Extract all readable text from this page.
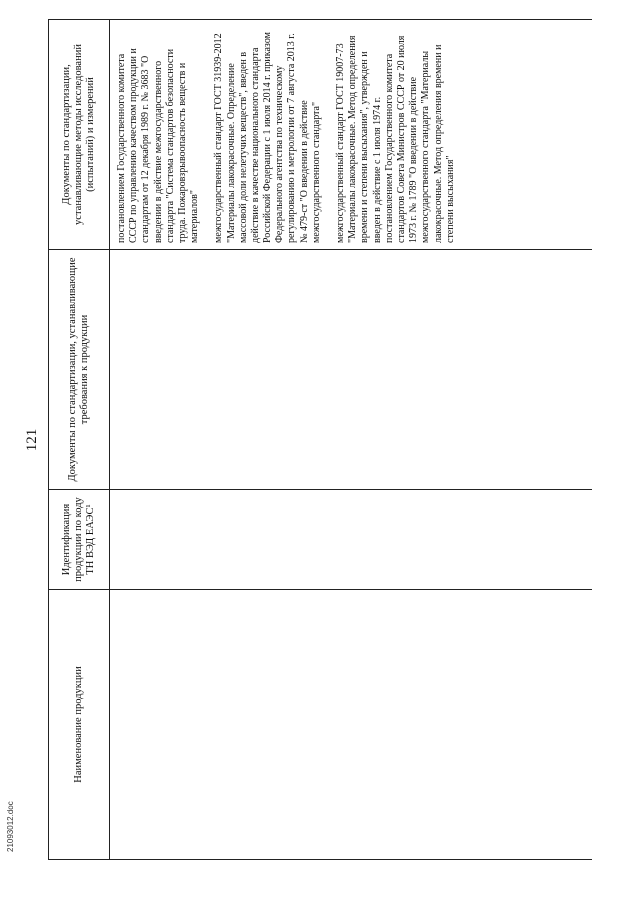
121
Наименование продукции	Идентификация продукции по коду ТН ВЭД ЕАЭС¹	Документы по стандартизации, устанавливающие требования к продукции	Документы по стандартизации, устанавливающие методы исследований (испытаний) и измерений

			постановлением Государственного комитета СССР по управлению качеством продукции и стандартам от 12 декабря 1989 г. № 3683 "О введении в действие межгосударственного стандарта "Система стандартов безопасности труда. Пожаровзрывоопасность веществ и материалов" межгосударственный стандарт ГОСТ 31939-2012 "Материалы лакокрасочные. Определение массовой доли нелетучих веществ", введен в действие в качестве национального стандарта Российской Федерации с 1 июля 2014 г. приказом Федерального агентства по техническому регулированию и метрологии от 7 августа 2013 г. № 479-ст "О введении в действие межгосударственного стандарта" межгосударственный стандарт ГОСТ 19007-73 "Материалы лакокрасочные. Метод определения времени и степени высыхания", утвержден и введен в действие с 1 июля 1974 г. постановлением Государственного комитета стандартов Совета Министров СССР от 20 июля 1973 г. № 1789 "О введении в действие межгосударственного стандарта "Материалы лакокрасочные. Метод определения времени и степени высыхания"

21093012.doc
